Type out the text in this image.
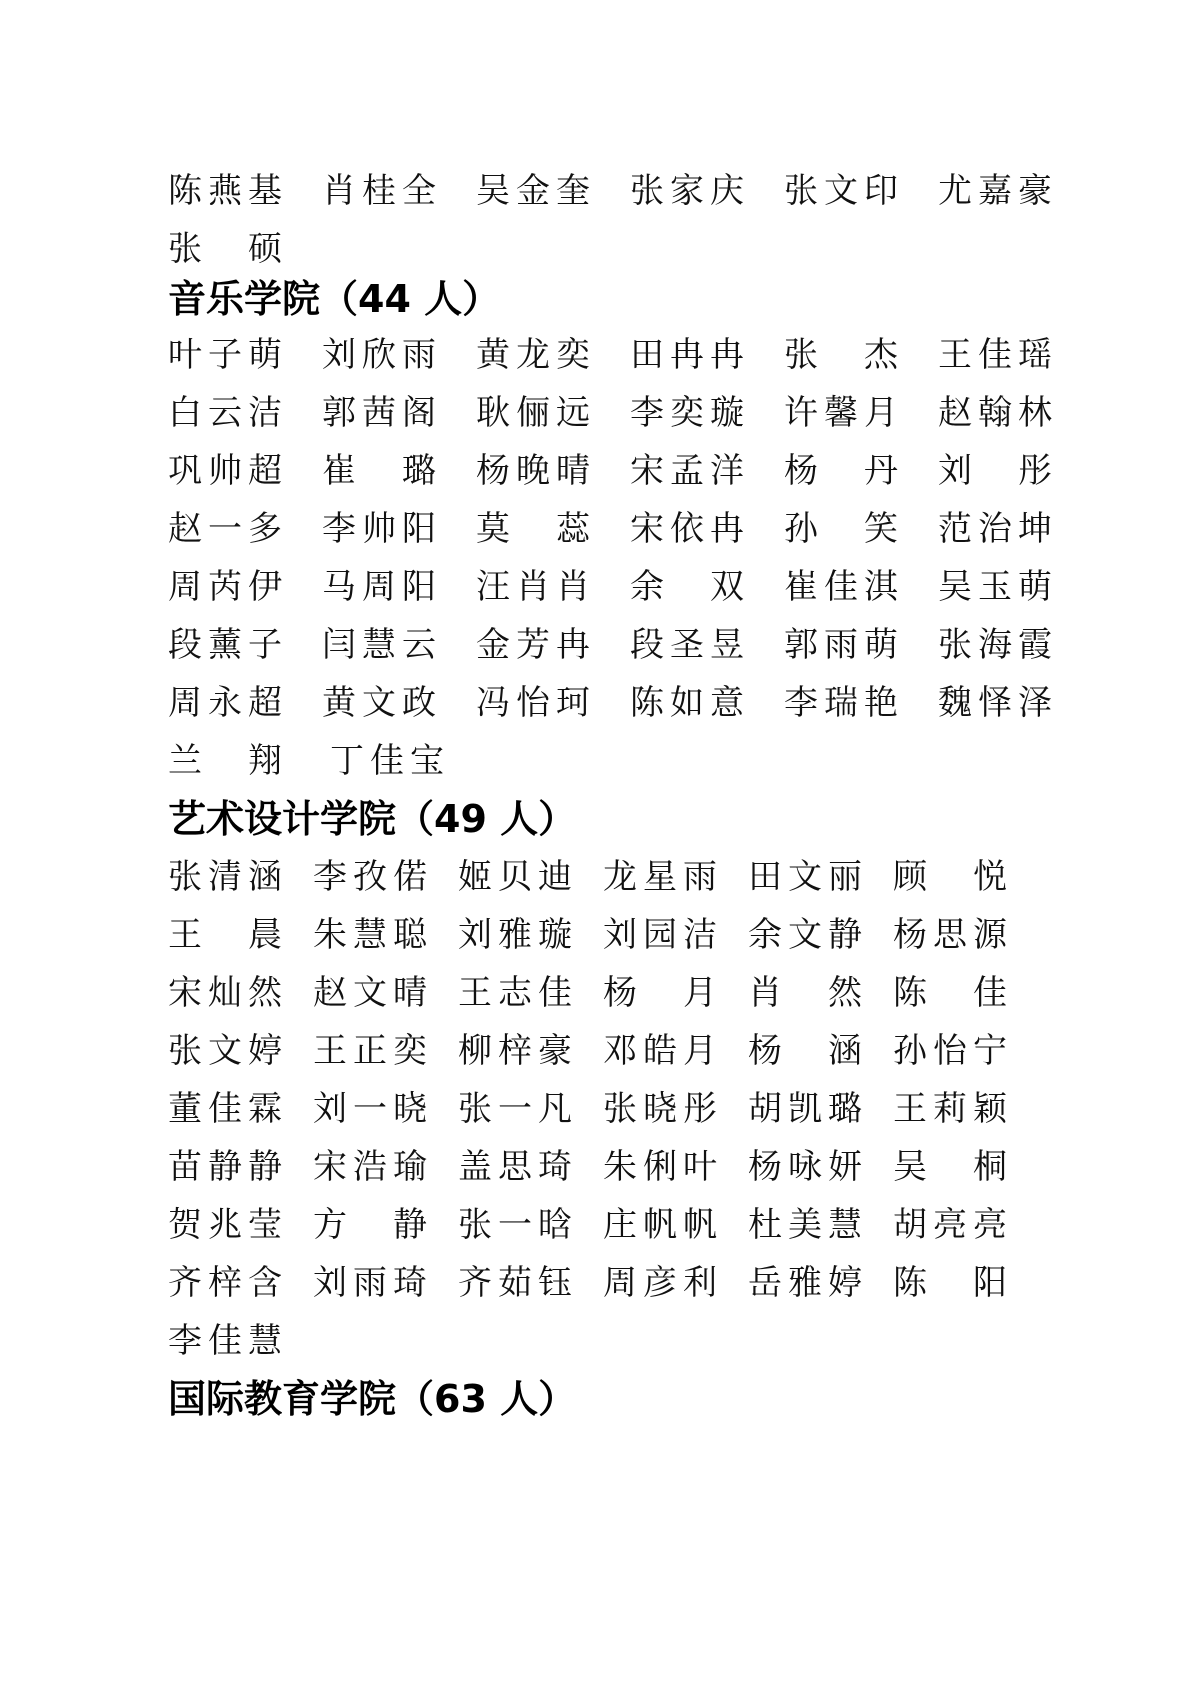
陈燕基 肖桂全 吴金奎 张家庆 张文印 尤嘉豪
张　硕
音乐学院（44 人）
叶子萌 刘欣雨 黄龙奕 田冉冉 张　杰 王佳瑶
白云洁 郭茜阁 耿俪远 李奕璇 许馨月 赵翰林
巩帅超 崔　璐 杨晚晴 宋孟洋 杨　丹 刘　彤
赵一多 李帅阳 莫　蕊 宋依冉 孙　笑 范治坤
周芮伊 马周阳 汪肖肖 余　双 崔佳淇 吴玉萌
段薰子 闫慧云 金芳冉 段圣昱 郭雨萌 张海霞
周永超 黄文政 冯怡珂 陈如意 李瑞艳 魏怿泽
兰　翔 丁佳宝
艺术设计学院（49 人）
张清涵 李孜偌 姬贝迪 龙星雨 田文丽 顾　悦
王　晨 朱慧聪 刘雅璇 刘园洁 余文静 杨思源
宋灿然 赵文晴 王志佳 杨　月 肖　然 陈　佳
张文婷 王正奕 柳梓豪 邓皓月 杨　涵 孙怡宁
董佳霖 刘一晓 张一凡 张晓彤 胡凯璐 王莉颖
苗静静 宋浩瑜 盖思琦 朱俐叶 杨咏妍 吴　桐
贺兆莹 方　静 张一晗 庄帆帆 杜美慧 胡亮亮
齐梓含 刘雨琦 齐茹钰 周彦利 岳雅婷 陈　阳
李佳慧
国际教育学院（63 人）
